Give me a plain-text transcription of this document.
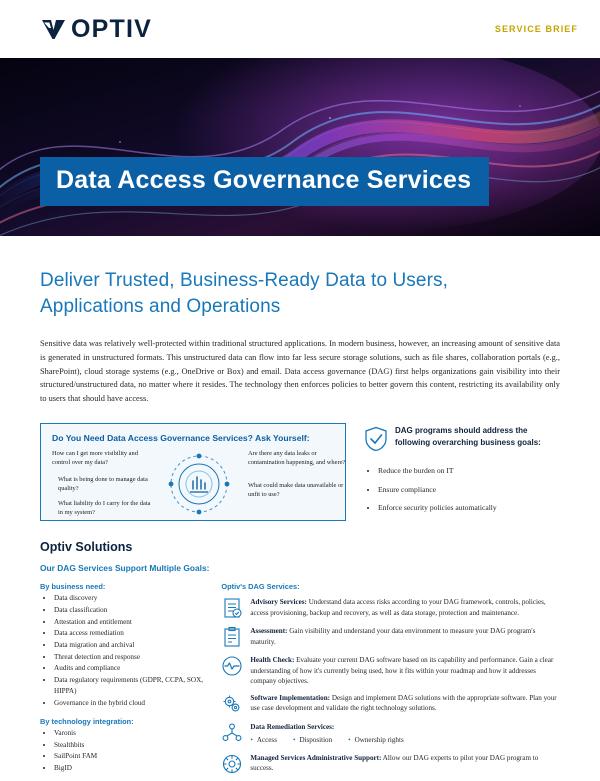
OPTIV	SERVICE BRIEF
Data Access Governance Services
Deliver Trusted, Business-Ready Data to Users,
Applications and Operations

Sensitive data was relatively well-protected within traditional structured applications. In modern business, however, an increasing amount of sensitive data is generated in unstructured formats. This unstructured data can flow into far less secure storage solutions, such as file shares, collaboration portals (e.g., SharePoint), cloud storage systems (e.g., OneDrive or Box) and email. Data access governance (DAG) first helps organizations gain visibility into their structured/unstructured data, no matter where it resides. The technology then enforces policies to better govern this content, restricting its availability only to users that should have access.

Do You Need Data Access Governance Services? Ask Yourself:
How can I get more visibility and control over my data?
What is being done to manage data quality?
What liability do I carry for the data in my system?
Are there any data leaks or contamination happening, and where?
What could make data unavailable or unfit to use?
DAG programs should address the following overarching business goals:
• Reduce the burden on IT
• Ensure compliance
• Enforce security policies automatically
Optiv Solutions
Our DAG Services Support Multiple Goals:
By business need:
• Data discovery
• Data classification
• Attestation and entitlement
• Data access remediation
• Data migration and archival
• Threat detection and response
• Audits and compliance
• Data regulatory requirements (GDPR, CCPA, SOX, HIPPA)
• Governance in the hybrid cloud
By technology integration:
• Varonis
• Stealthbits
• SailPoint FAM
• BigID
Optiv's DAG Services:
Advisory Services: Understand data access risks according to your DAG framework, controls, policies, access provisioning, backup and recovery, as well as data storage, protection and maintenance.
Assessment: Gain visibility and understand your data environment to measure your DAG program's maturity.
Health Check: Evaluate your current DAG software based on its capability and performance. Gain a clear understanding of how it's currently being used, how it fits within your roadmap and how it addresses company objectives.
Software Implementation: Design and implement DAG solutions with the appropriate software. Plan your use case development and validate the right technology solutions.
Data Remediation Services:
• Access	• Disposition	• Ownership rights
Managed Services Administrative Support: Allow our DAG experts to pilot your DAG program to success.
